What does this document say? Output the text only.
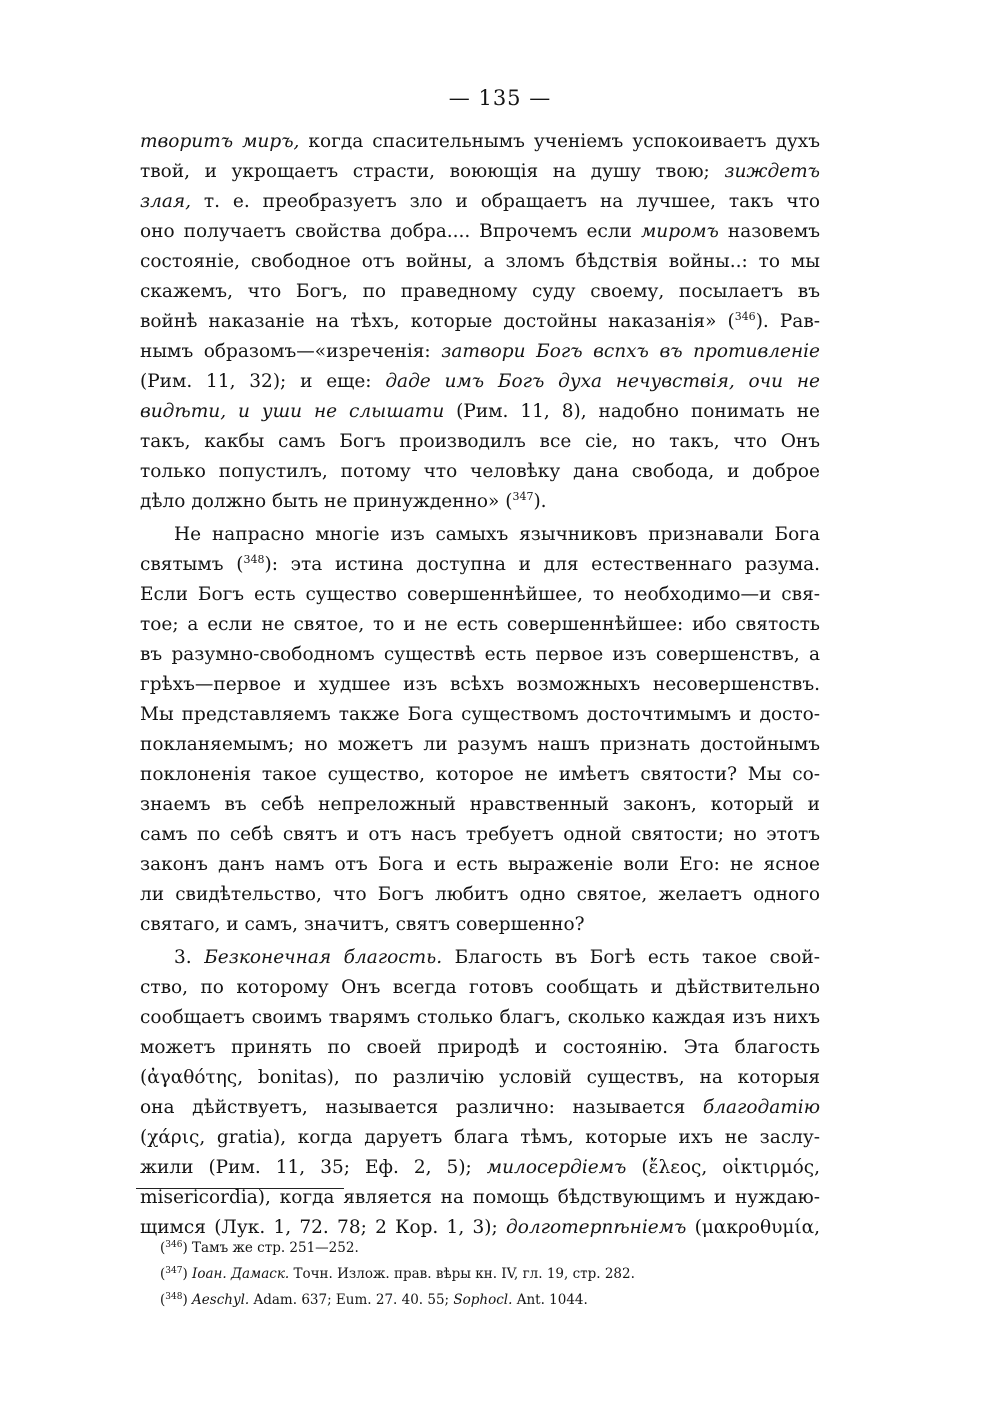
— 135 —
творитъ миръ, когда спасительнымъ ученіемъ успокоиваетъ духъ
твой, и укрощаетъ страсти, воюющія на душу твою; зиждетъ
злая, т. е. преобразуетъ зло и обращаетъ на лучшее, такъ что
оно получаетъ свойства добра.... Впрочемъ если миромъ назовемъ
состояніе, свободное отъ войны, а зломъ бѣдствія войны..: то мы
скажемъ, что Богъ, по праведному суду своему, посылаетъ въ
войнѣ наказаніе на тѣхъ, которые достойны наказанія» ($^{346}$). Рав-
нымъ образомъ—«изреченія: затвори Богъ вспхъ въ противленіе
(Рим. 11, 32); и еще: даде имъ Богъ духа нечувствія, очи не
видѣти, и уши не слышати (Рим. 11, 8), надобно понимать не
такъ, какбы самъ Богъ производилъ все сіе, но такъ, что Онъ
только попустилъ, потому что человѣку дана свобода, и доброе
дѣло должно быть не принужденно» ($^{347}$).
Не напрасно многіе изъ самыхъ язычниковъ признавали Бога
святымъ ($^{348}$): эта истина доступна и для естественнаго разума.
Если Богъ есть существо совершеннѣйшее, то необходимо—и свя-
тое; а если не святое, то и не есть совершеннѣйшее: ибо святость
въ разумно-свободномъ существѣ есть первое изъ совершенствъ, а
грѣхъ—первое и худшее изъ всѣхъ возможныхъ несовершенствъ.
Мы представляемъ также Бога существомъ досточтимымъ и досто-
покланяемымъ; но можетъ ли разумъ нашъ признать достойнымъ
поклоненія такое существо, которое не имѣетъ святости? Мы со-
знаемъ въ себѣ непреложный нравственный законъ, который и
самъ по себѣ святъ и отъ насъ требуетъ одной святости; но этотъ
законъ данъ намъ отъ Бога и есть выраженіе воли Его: не ясное
ли свидѣтельство, что Богъ любитъ одно святое, желаетъ одного
святаго, и самъ, значитъ, святъ совершенно?
3. Безконечная благость. Благость въ Богѣ есть такое свой-
ство, по которому Онъ всегда готовъ сообщать и дѣйствительно
сообщаетъ своимъ тварямъ столько благъ, сколько каждая изъ нихъ
можетъ принять по своей природѣ и состоянію. Эта благость
(ἀγαθότης, bonitas), по различію условій существъ, на которыя
она дѣйствуетъ, называется различно: называется благодатію
(χάρις, gratia), когда даруетъ блага тѣмъ, которые ихъ не заслу-
жили (Рим. 11, 35; Еф. 2, 5); милосердіемъ (ἔλεος, οἰκτιρμός,
misericordia), когда является на помощь бѣдствующимъ и нуждаю-
щимся (Лук. 1, 72. 78; 2 Кор. 1, 3); долготерпѣніемъ (μακροθυμία,
($^{346}$) Тамъ же стр. 251—252.
($^{347}$) Іоан. Дамаск. Точн. Излож. прав. вѣры кн. IV, гл. 19, стр. 282.
($^{348}$) Aeschyl. Adam. 637; Eum. 27. 40. 55; Sophocl. Ant. 1044.
